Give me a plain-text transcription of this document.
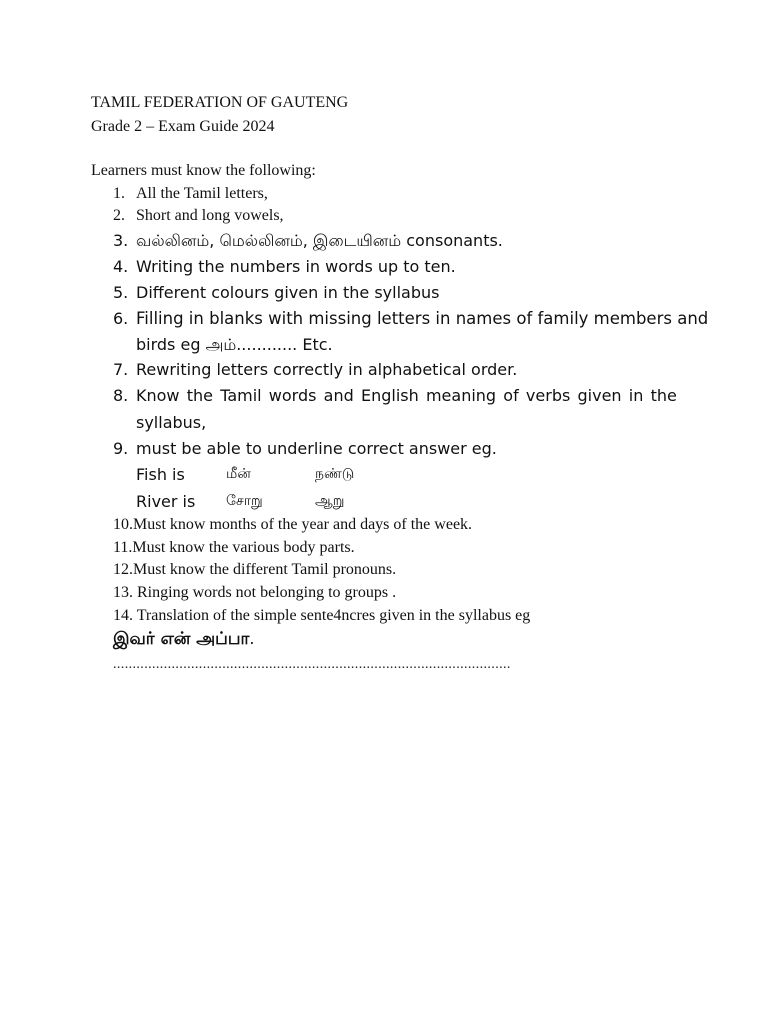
TAMIL FEDERATION OF GAUTENG
Grade 2 – Exam Guide 2024
Learners must know the following:
1. All the Tamil letters,
2. Short and long vowels,
3. வல்லினம், மெல்லினம், இடையினம் consonants.
4. Writing the numbers in words up to ten.
5. Different colours given in the syllabus
6. Filling in blanks with missing letters in names of family members and
birds eg அம்............ Etc.
7. Rewriting letters correctly in alphabetical order.
8. Know the Tamil words and English meaning of verbs given in the
syllabus,
9. must be able to underline correct answer eg.
Fish is	மீன்	நண்டு
River is சோறு	ஆறு
10.Must know months of the year and days of the week.
11.Must know the various body parts.
12.Must know the different Tamil pronouns.
13. Ringing words not belonging to groups .
14. Translation of the simple sente4ncres given in the syllabus eg
இவர் என் அப்பா.
......................................................................................................
